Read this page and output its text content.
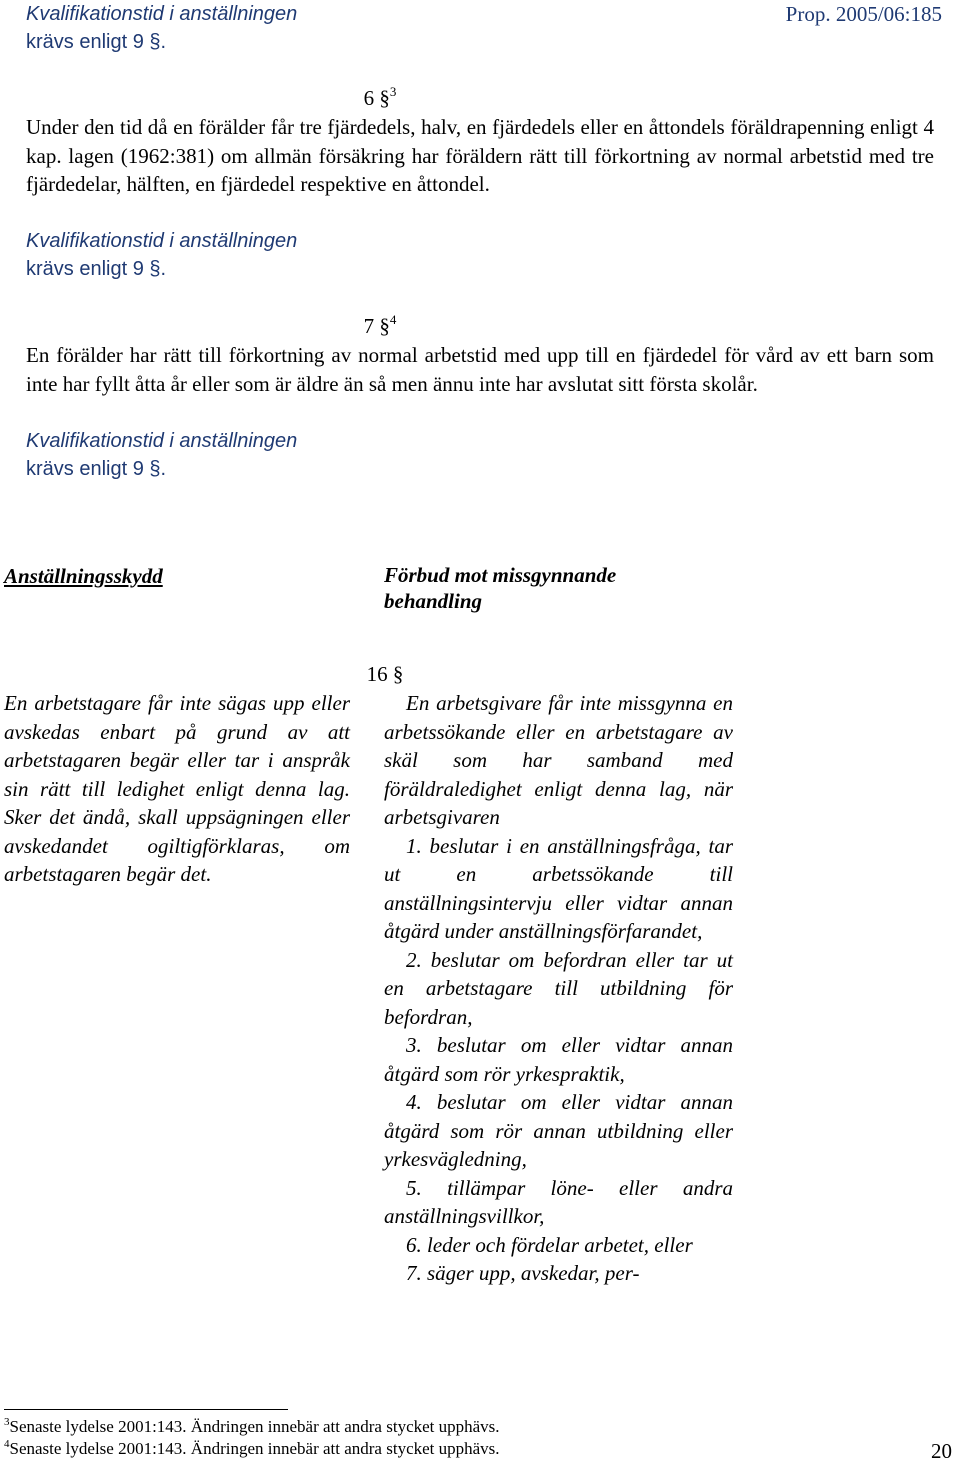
Kvalifikationstid i anställningen
krävs enligt 9 §.
Prop. 2005/06:185
6 §$^3$

Under den tid då en förälder får tre fjärdedels, halv, en fjärdedels eller en åttondels föräldrapenning enligt 4 kap. lagen (1962:381) om allmän försäkring har föräldern rätt till förkortning av normal arbetstid med tre fjärdedelar, hälften, en fjärdedel respektive en åttondel.

Kvalifikationstid i anställningen
krävs enligt 9 §.
7 §$^4$

En förälder har rätt till förkortning av normal arbetstid med upp till en fjärdedel för vård av ett barn som inte har fyllt åtta år eller som är äldre än så men ännu inte har avslutat sitt första skolår.

Kvalifikationstid i anställningen
krävs enligt 9 §.
Anställningsskydd	Förbud mot missgynnande
behandling
16 §

En arbetstagare får inte sägas upp eller avskedas enbart på grund av att arbetstagaren begär eller tar i anspråk sin rätt till ledighet enligt denna lag. Sker det ändå, skall uppsägningen eller avskedandet ogiltigförklaras, om arbetstagaren begär det.

En arbetsgivare får inte missgynna en arbetssökande eller en arbetstagare av skäl som har samband med föräldraledighet enligt denna lag, när arbetsgivaren

1. beslutar i en anställningsfråga, tar ut en arbetssökande till anställningsintervju eller vidtar annan åtgärd under anställningsförfarandet,

2. beslutar om befordran eller tar ut en arbetstagare till utbildning för befordran,

3. beslutar om eller vidtar annan åtgärd som rör yrkespraktik,

4. beslutar om eller vidtar annan åtgärd som rör annan utbildning eller yrkesvägledning,

5. tillämpar löne- eller andra anställningsvillkor,

6. leder och fördelar arbetet, eller

7. säger upp, avskedar, per-

$^3$Senaste lydelse 2001:143. Ändringen innebär att andra stycket upphävs.
$^4$Senaste lydelse 2001:143. Ändringen innebär att andra stycket upphävs.	20
